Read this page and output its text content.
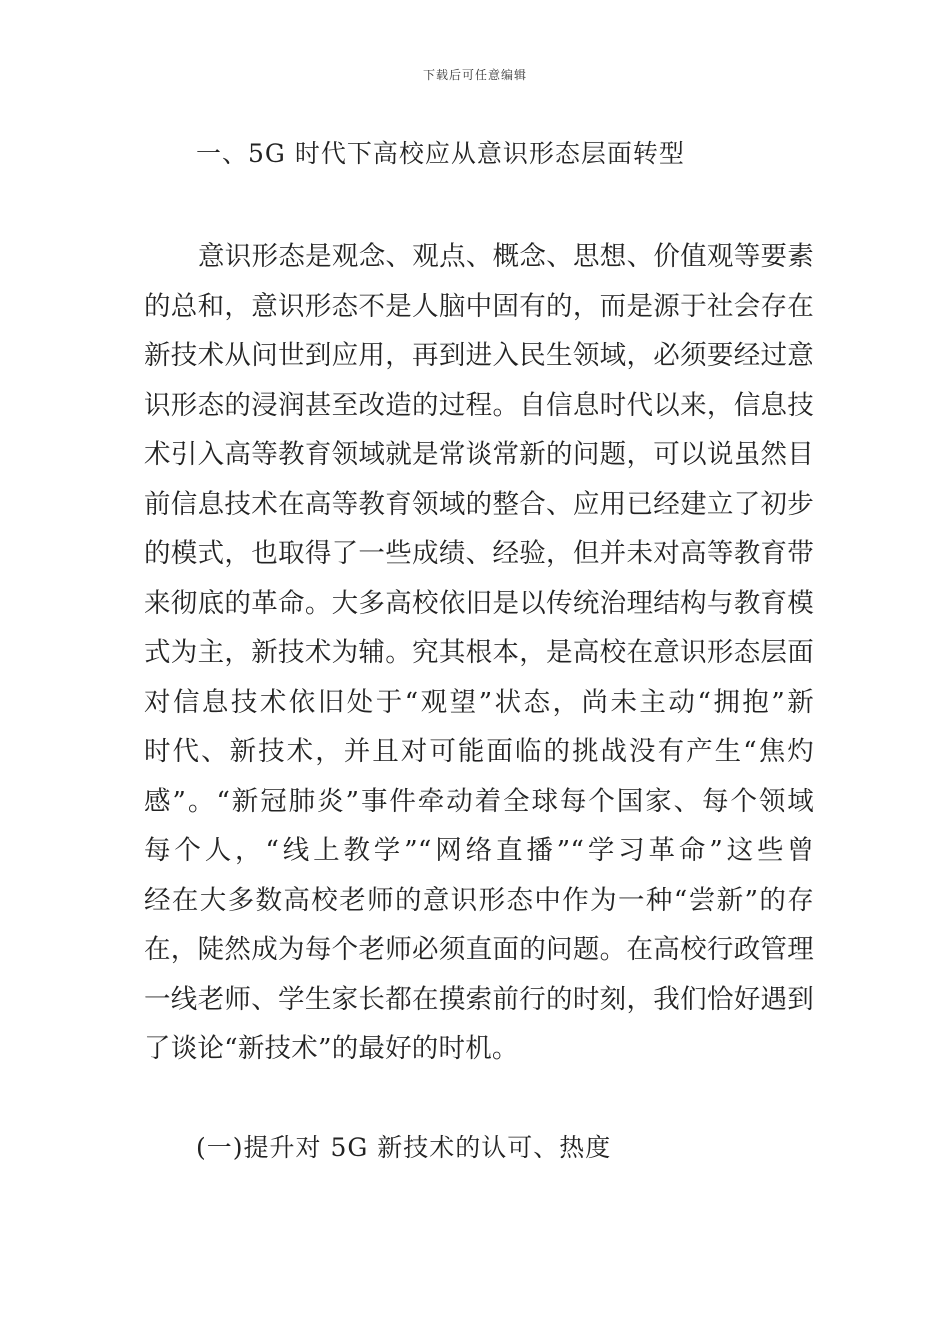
下载后可任意编辑
一、5G 时代下高校应从意识形态层面转型
意识形态是观念、观点、概念、思想、价值观等要素
的总和，意识形态不是人脑中固有的，而是源于社会存在
新技术从问世到应用，再到进入民生领域，必须要经过意
识形态的浸润甚至改造的过程。自信息时代以来，信息技
术引入高等教育领域就是常谈常新的问题，可以说虽然目
前信息技术在高等教育领域的整合、应用已经建立了初步
的模式，也取得了一些成绩、经验，但并未对高等教育带
来彻底的革命。大多高校依旧是以传统治理结构与教育模
式为主，新技术为辅。究其根本，是高校在意识形态层面
对信息技术依旧处于“观望”状态，尚未主动“拥抱”新
时代、新技术，并且对可能面临的挑战没有产生“焦灼
感”。“新冠肺炎”事件牵动着全球每个国家、每个领域
每个人，“线上教学”“网络直播”“学习革命”这些曾
经在大多数高校老师的意识形态中作为一种“尝新”的存
在，陡然成为每个老师必须直面的问题。在高校行政管理
一线老师、学生家长都在摸索前行的时刻，我们恰好遇到
了谈论“新技术”的最好的时机。
(一)提升对 5G 新技术的认可、热度
